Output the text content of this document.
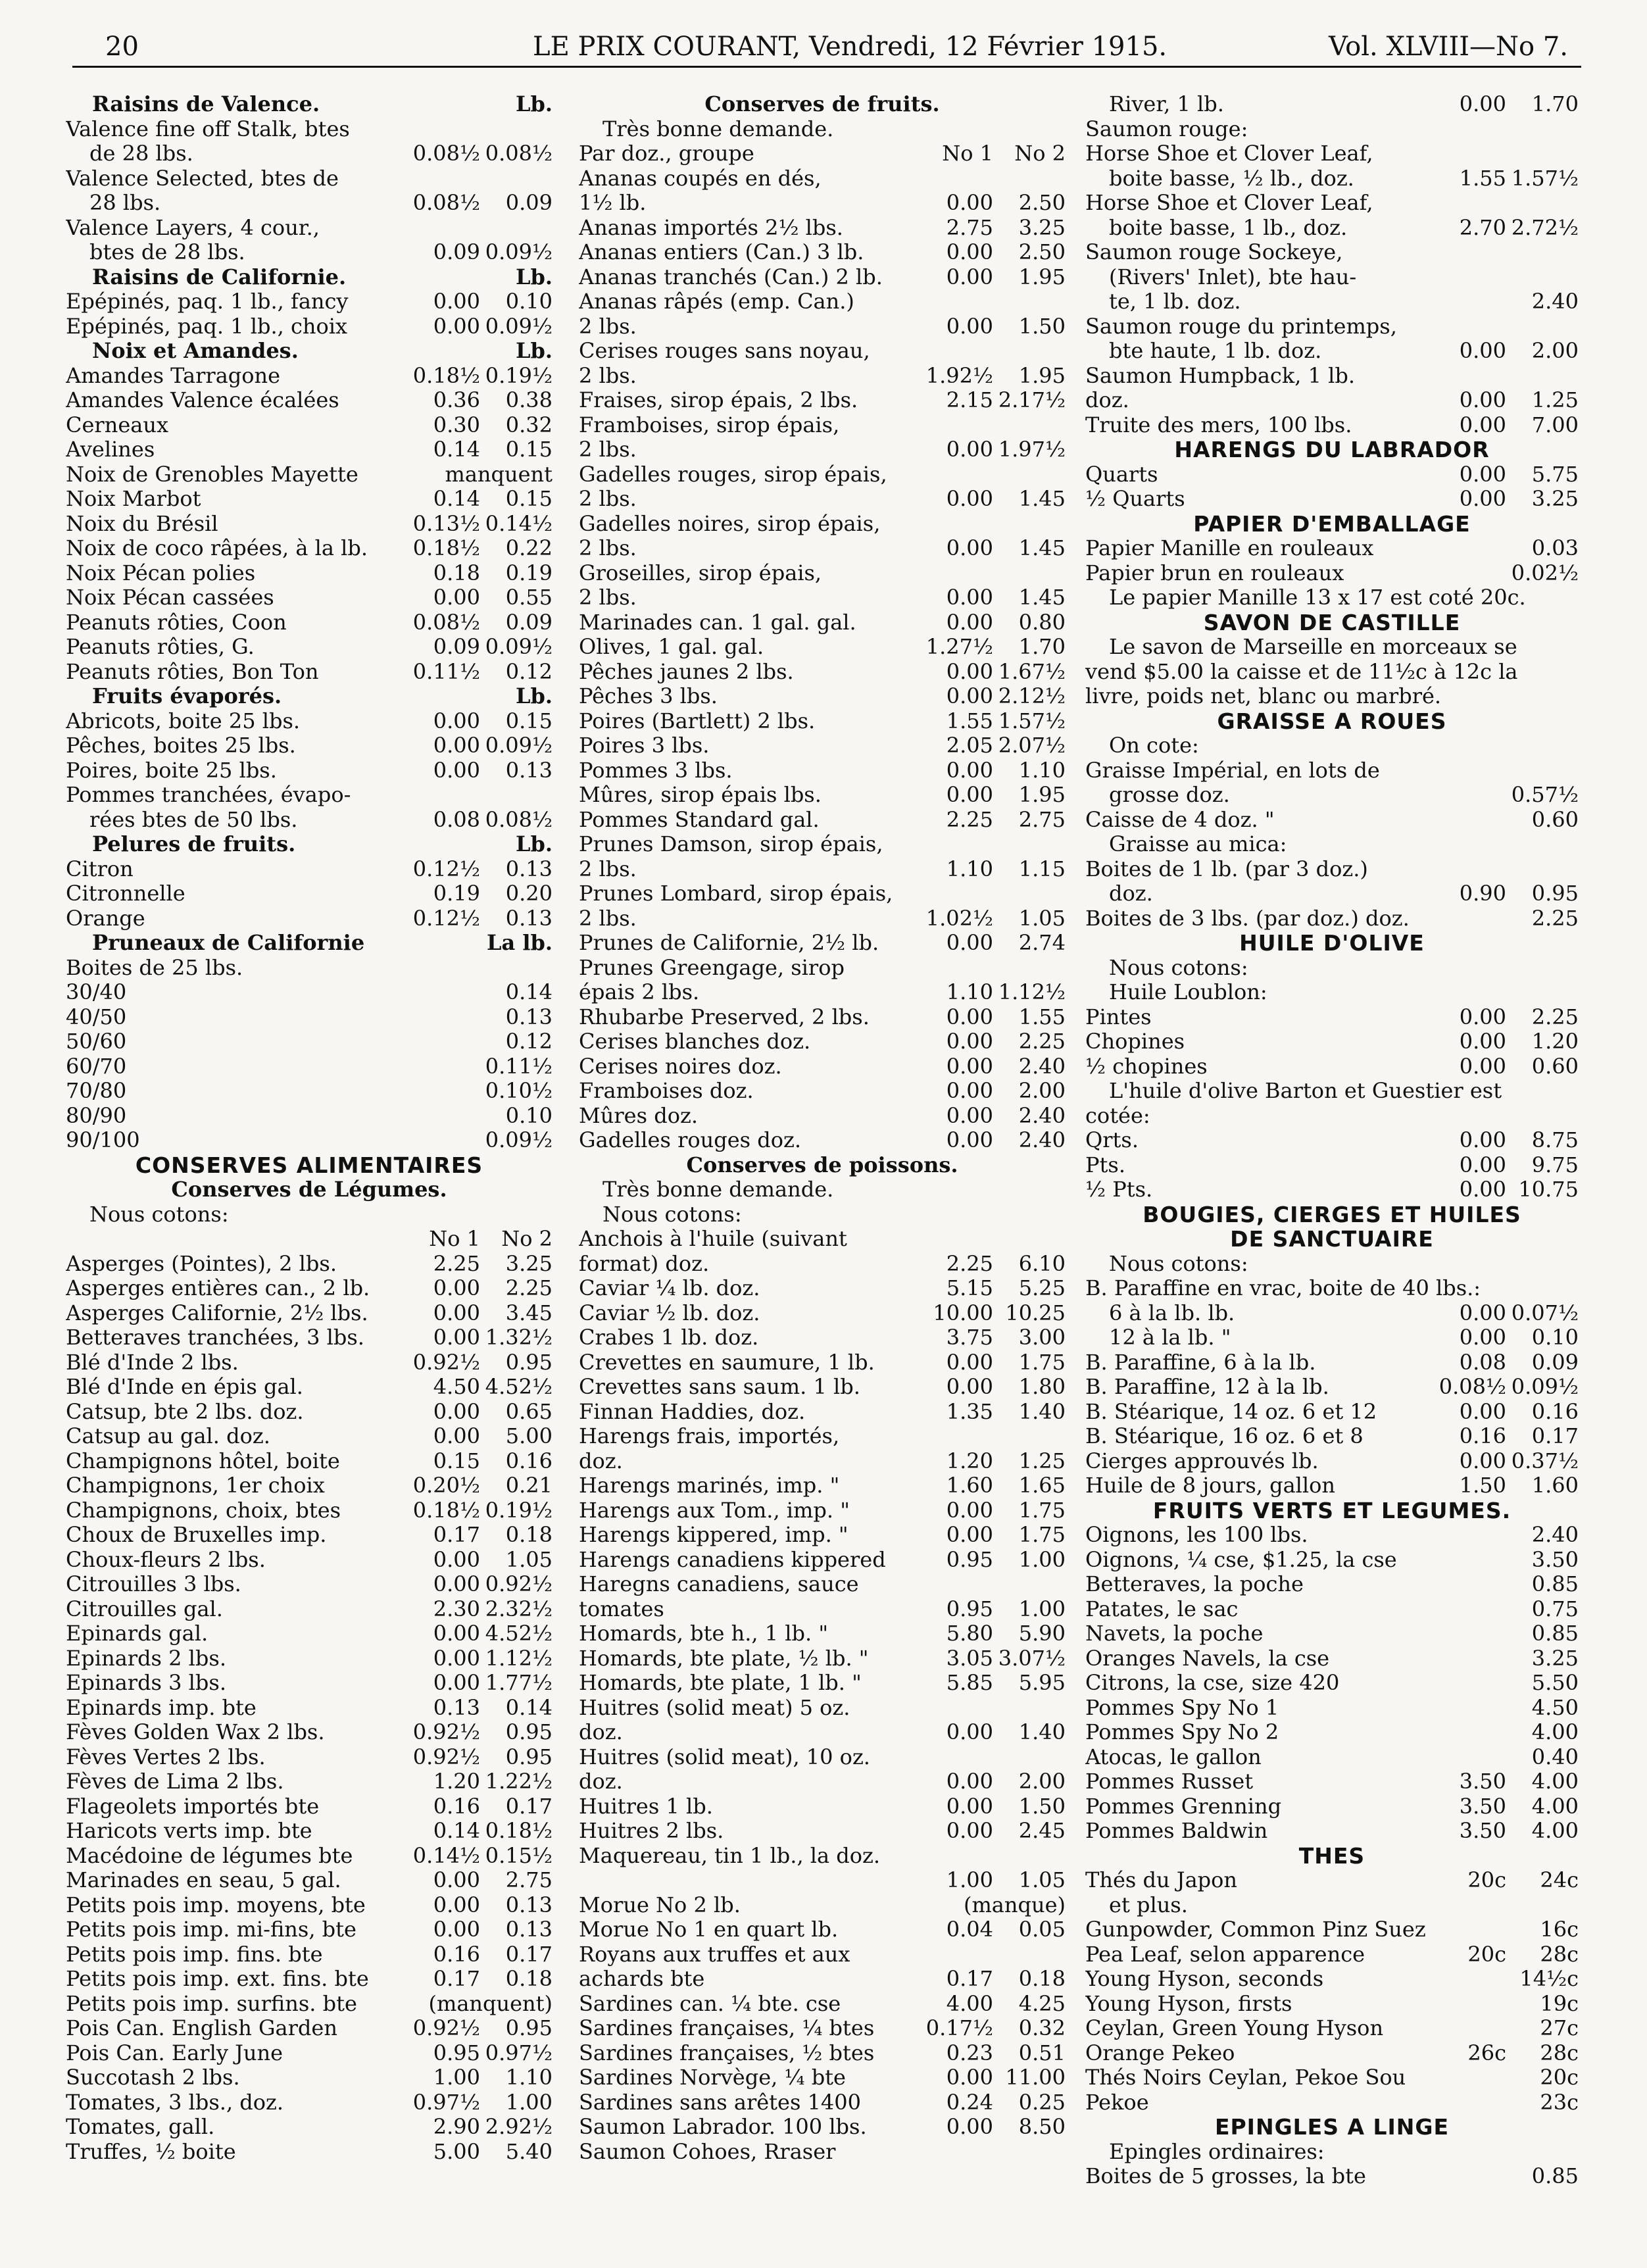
20	LE PRIX COURANT, Vendredi, 12 Février 1915.	Vol. XLVIII—No 7.
Raisins de Valence.	Lb.
Valence fine off Stalk, btes
de 28 lbs.	0.08½ 0.08½
Valence Selected, btes de
28 lbs.	0.08½ 0.09
Valence Layers, 4 cour.,
btes de 28 lbs.	0.09 0.09½
Raisins de Californie.	Lb.
Epépinés, paq. 1 lb., fancy	0.00 0.10
Epépinés, paq. 1 lb., choix	0.00 0.09½
Noix et Amandes.	Lb.
Amandes Tarragone	0.18½ 0.19½
Amandes Valence écalées	0.36 0.38
Cerneaux	0.30 0.32
Avelines	0.14 0.15
Noix de Grenobles Mayette	manquent
Noix Marbot	0.14 0.15
Noix du Brésil	0.13½ 0.14½
Noix de coco râpées, à la lb. 0.18½ 0.22
Noix Pécan polies	0.18 0.19
Noix Pécan cassées	0.00 0.55
Peanuts rôties, Coon	0.08½ 0.09
Peanuts rôties, G.	0.09 0.09½
Peanuts rôties, Bon Ton	0.11½ 0.12
Fruits évaporés.	Lb.
Abricots, boite 25 lbs.	0.00 0.15
Pêches, boites 25 lbs.	0.00 0.09½
Poires, boite 25 lbs.	0.00 0.13
Pommes tranchées, évapo-
rées btes de 50 lbs.	0.08 0.08½
Pelures de fruits.	Lb.
Citron	0.12½ 0.13
Citronnelle	0.19 0.20
Orange	0.12½ 0.13
Pruneaux de Californie	La lb.
Boites de 25 lbs.
30/40	0.14
40/50	0.13
50/60	0.12
60/70	0.11½
70/80	0.10½
80/90	0.10
90/100	0.09½
CONSERVES ALIMENTAIRES
Conserves de Légumes.
Nous cotons:
No 1 No 2
Asperges (Pointes), 2 lbs.	2.25 3.25
Asperges entières can., 2 lb.	0.00 2.25
Asperges Californie, 2½ lbs.	0.00 3.45
Betteraves tranchées, 3 lbs.	0.00 1.32½
Blé d'Inde 2 lbs.	0.92½ 0.95
Blé d'Inde en épis gal.	4.50 4.52½
Catsup, bte 2 lbs. doz.	0.00 0.65
Catsup au gal. doz.	0.00 5.00
Champignons hôtel, boite	0.15 0.16
Champignons, 1er choix	0.20½ 0.21
Champignons, choix, btes	0.18½ 0.19½
Choux de Bruxelles imp.	0.17 0.18
Choux-fleurs 2 lbs.	0.00 1.05
Citrouilles 3 lbs.	0.00 0.92½
Citrouilles gal.	2.30 2.32½
Epinards gal.	0.00 4.52½
Epinards 2 lbs.	0.00 1.12½
Epinards 3 lbs.	0.00 1.77½
Epinards imp. bte	0.13 0.14
Fèves Golden Wax 2 lbs.	0.92½ 0.95
Fèves Vertes 2 lbs.	0.92½ 0.95
Fèves de Lima 2 lbs.	1.20 1.22½
Flageolets importés bte	0.16 0.17
Haricots verts imp. bte	0.14 0.18½
Macédoine de légumes bte	0.14½ 0.15½
Marinades en seau, 5 gal.	0.00 2.75
Petits pois imp. moyens, bte	0.00 0.13
Petits pois imp. mi-fins, bte	0.00 0.13
Petits pois imp. fins. bte	0.16 0.17
Petits pois imp. ext. fins. bte	0.17 0.18
Petits pois imp. surfins. bte	(manquent)
Pois Can. English Garden	0.92½ 0.95
Pois Can. Early June	0.95 0.97½
Succotash 2 lbs.	1.00 1.10
Tomates, 3 lbs., doz.	0.97½ 1.00
Tomates, gall.	2.90 2.92½
Truffes, ½ boite	5.00 5.40
Conserves de fruits.
Très bonne demande.
Par doz., groupe	No 1 No 2
Ananas coupés en dés,
1½ lb.	0.00 2.50
Ananas importés 2½ lbs.	2.75 3.25
Ananas entiers (Can.) 3 lb.	0.00 2.50
Ananas tranchés (Can.) 2 lb.	0.00 1.95
Ananas râpés (emp. Can.)
2 lbs.	0.00 1.50
Cerises rouges sans noyau,
2 lbs.	1.92½ 1.95
Fraises, sirop épais, 2 lbs.	2.15 2.17½
Framboises, sirop épais,
2 lbs.	0.00 1.97½
Gadelles rouges, sirop épais,
2 lbs.	0.00 1.45
Gadelles noires, sirop épais,
2 lbs.	0.00 1.45
Groseilles, sirop épais,
2 lbs.	0.00 1.45
Marinades can. 1 gal. gal.	0.00 0.80
Olives, 1 gal. gal.	1.27½ 1.70
Pêches jaunes 2 lbs.	0.00 1.67½
Pêches 3 lbs.	0.00 2.12½
Poires (Bartlett) 2 lbs.	1.55 1.57½
Poires 3 lbs.	2.05 2.07½
Pommes 3 lbs.	0.00 1.10
Mûres, sirop épais lbs.	0.00 1.95
Pommes Standard gal.	2.25 2.75
Prunes Damson, sirop épais,
2 lbs.	1.10 1.15
Prunes Lombard, sirop épais,
2 lbs.	1.02½ 1.05
Prunes de Californie, 2½ lb.	0.00 2.74
Prunes Greengage, sirop
épais 2 lbs.	1.10 1.12½
Rhubarbe Preserved, 2 lbs.	0.00 1.55
Cerises blanches doz.	0.00 2.25
Cerises noires doz.	0.00 2.40
Framboises doz.	0.00 2.00
Mûres doz.	0.00 2.40
Gadelles rouges doz.	0.00 2.40
Conserves de poissons.
Très bonne demande.
Nous cotons:
Anchois à l'huile (suivant
format) doz.	2.25 6.10
Caviar ¼ lb. doz.	5.15 5.25
Caviar ½ lb. doz.	10.00 10.25
Crabes 1 lb. doz.	3.75 3.00
Crevettes en saumure, 1 lb.	0.00 1.75
Crevettes sans saum. 1 lb.	0.00 1.80
Finnan Haddies, doz.	1.35 1.40
Harengs frais, importés,
doz.	1.20 1.25
Harengs marinés, imp. "	1.60 1.65
Harengs aux Tom., imp. "	0.00 1.75
Harengs kippered, imp. "	0.00 1.75
Harengs canadiens kippered	0.95 1.00
Haregns canadiens, sauce
tomates	0.95 1.00
Homards, bte h., 1 lb. "	5.80 5.90
Homards, bte plate, ½ lb. "	3.05 3.07½
Homards, bte plate, 1 lb. "	5.85 5.95
Huitres (solid meat) 5 oz.
doz.	0.00 1.40
Huitres (solid meat), 10 oz.
doz.	0.00 2.00
Huitres 1 lb.	0.00 1.50
Huitres 2 lbs.	0.00 2.45
Maquereau, tin 1 lb., la doz.
1.00 1.05
Morue No 2 lb.	(manque)
Morue No 1 en quart lb.	0.04 0.05
Royans aux truffes et aux
achards bte	0.17 0.18
Sardines can. ¼ bte. cse	4.00 4.25
Sardines françaises, ¼ btes 0.17½ 0.32
Sardines françaises, ½ btes	0.23 0.51
Sardines Norvège, ¼ bte	0.00 11.00
Sardines sans arêtes 1400	0.24 0.25
Saumon Labrador. 100 lbs.	0.00 8.50
Saumon Cohoes, Rraser
River, 1 lb.	0.00 1.70
Saumon rouge:
Horse Shoe et Clover Leaf,
boite basse, ½ lb., doz.	1.55 1.57½
Horse Shoe et Clover Leaf,
boite basse, 1 lb., doz.	2.70 2.72½
Saumon rouge Sockeye,
(Rivers' Inlet), bte hau-
te, 1 lb. doz.	2.40
Saumon rouge du printemps,
bte haute, 1 lb. doz.	0.00 2.00
Saumon Humpback, 1 lb.
doz.	0.00 1.25
Truite des mers, 100 lbs.	0.00 7.00
HARENGS DU LABRADOR
Quarts	0.00 5.75
½ Quarts	0.00 3.25
PAPIER D'EMBALLAGE
Papier Manille en rouleaux	0.03
Papier brun en rouleaux	0.02½
Le papier Manille 13 x 17 est coté 20c.
SAVON DE CASTILLE
Le savon de Marseille en morceaux se
vend $5.00 la caisse et de 11½c à 12c la
livre, poids net, blanc ou marbré.
GRAISSE A ROUES
On cote:
Graisse Impérial, en lots de
grosse doz.	0.57½
Caisse de 4 doz. "	0.60
Graisse au mica:
Boites de 1 lb. (par 3 doz.)
doz.	0.90 0.95
Boites de 3 lbs. (par doz.) doz.	2.25
HUILE D'OLIVE
Nous cotons:
Huile Loublon:
Pintes	0.00 2.25
Chopines	0.00 1.20
½ chopines	0.00 0.60
L'huile d'olive Barton et Guestier est
cotée:
Qrts.	0.00 8.75
Pts.	0.00 9.75
½ Pts.	0.00 10.75
BOUGIES, CIERGES ET HUILES
DE SANCTUAIRE
Nous cotons:
B. Paraffine en vrac, boite de 40 lbs.:
6 à la lb. lb.	0.00 0.07½
12 à la lb. "	0.00 0.10
B. Paraffine, 6 à la lb.	0.08 0.09
B. Paraffine, 12 à la lb.	0.08½ 0.09½
B. Stéarique, 14 oz. 6 et 12	0.00 0.16
B. Stéarique, 16 oz. 6 et 8	0.16 0.17
Cierges approuvés lb.	0.00 0.37½
Huile de 8 jours, gallon	1.50 1.60
FRUITS VERTS ET LEGUMES.
Oignons, les 100 lbs.	2.40
Oignons, ¼ cse, $1.25, la cse	3.50
Betteraves, la poche	0.85
Patates, le sac	0.75
Navets, la poche	0.85
Oranges Navels, la cse	3.25
Citrons, la cse, size 420	5.50
Pommes Spy No 1	4.50
Pommes Spy No 2	4.00
Atocas, le gallon	0.40
Pommes Russet	3.50 4.00
Pommes Grenning	3.50 4.00
Pommes Baldwin	3.50 4.00
THES
Thés du Japon	20c 24c
et plus.
Gunpowder, Common Pinz Suez	16c
Pea Leaf, selon apparence	20c 28c
Young Hyson, seconds	14½c
Young Hyson, firsts	19c
Ceylan, Green Young Hyson	27c
Orange Pekeo	26c 28c
Thés Noirs Ceylan, Pekoe Sou	20c
Pekoe	23c
EPINGLES A LINGE
Epingles ordinaires:
Boites de 5 grosses, la bte	0.85
